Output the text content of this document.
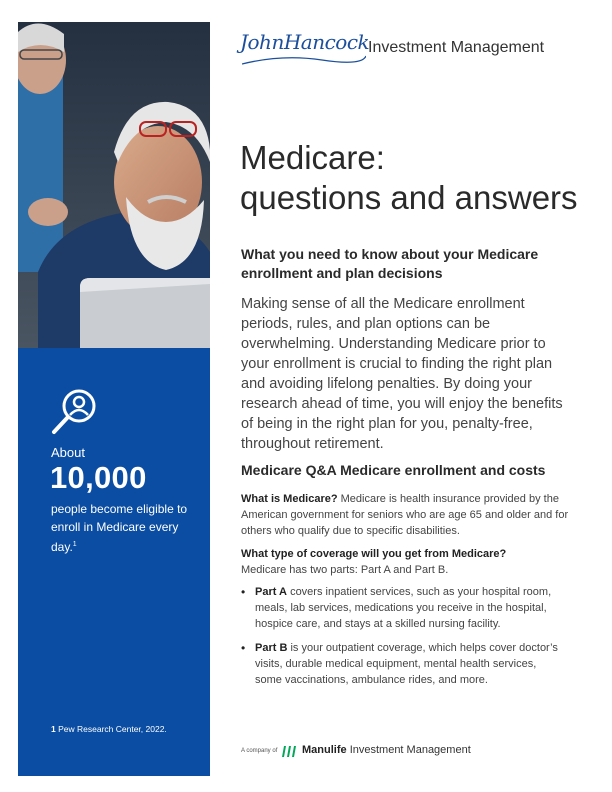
About
10,000
people become eligible to enroll in Medicare every day.$^1$
1 Pew Research Center, 2022.
JohnHancock
Investment Management
Medicare:
questions and answers
What you need to know about your Medicare enrollment and plan decisions
Making sense of all the Medicare enrollment periods, rules, and plan options can be overwhelming. Understanding Medicare prior to your enrollment is crucial to finding the right plan and avoiding lifelong penalties. By doing your research ahead of time, you will enjoy the benefits of being in the right plan for you, penalty-free, throughout retirement.
Medicare Q&A Medicare enrollment and costs
What is Medicare? Medicare is health insurance provided by the American government for seniors who are age 65 and older and for others who qualify due to specific disabilities.
What type of coverage will you get from Medicare?
Medicare has two parts: Part A and Part B.
• Part A covers inpatient services, such as your hospital room, meals, lab services, medications you receive in the hospital, hospice care, and stays at a skilled nursing facility.
• Part B is your outpatient coverage, which helps cover doctor’s visits, durable medical equipment, mental health services, some vaccinations, ambulance rides, and more.
A company of Manulife Investment Management
